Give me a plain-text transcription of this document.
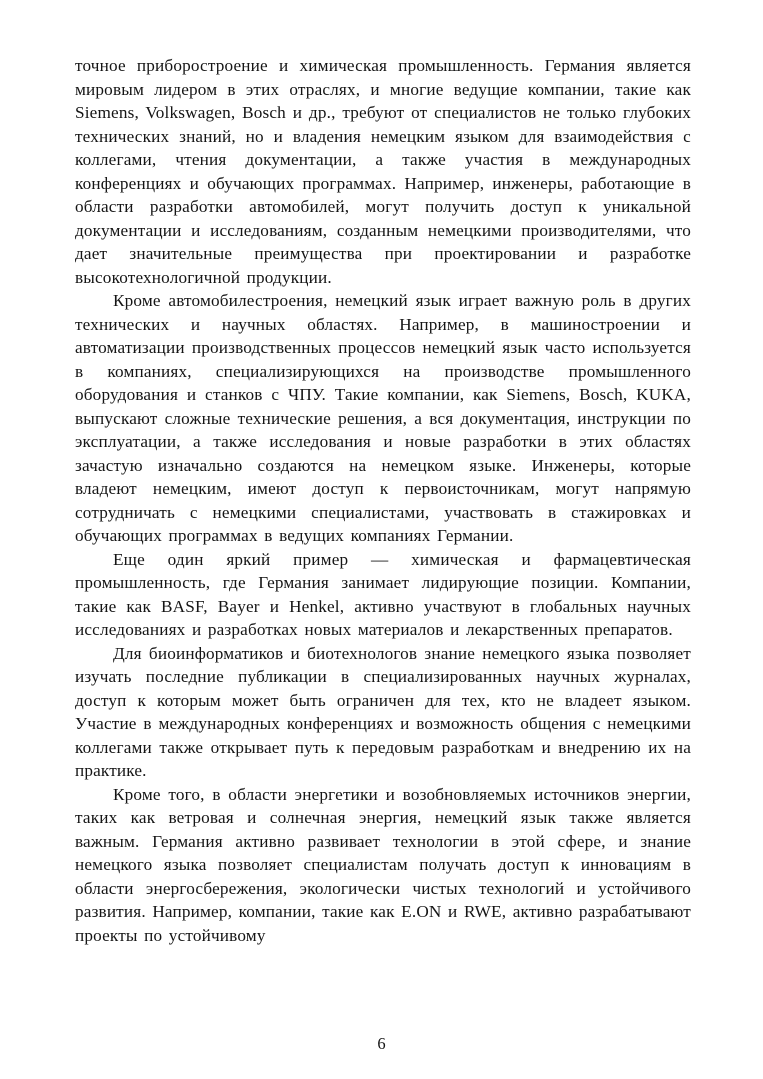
точное приборостроение и химическая промышленность. Германия является мировым лидером в этих отраслях, и многие ведущие компании, такие как Siemens, Volkswagen, Bosch и др., требуют от специалистов не только глубоких технических знаний, но и владения немецким языком для взаимодействия с коллегами, чтения документации, а также участия в международных конференциях и обучающих программах. Например, инженеры, работающие в области разработки автомобилей, могут получить доступ к уникальной документации и исследованиям, созданным немецкими производителями, что дает значительные преимущества при проектировании и разработке высокотехнологичной продукции.

Кроме автомобилестроения, немецкий язык играет важную роль в других технических и научных областях. Например, в машиностроении и автоматизации производственных процессов немецкий язык часто используется в компаниях, специализирующихся на производстве промышленного оборудования и станков с ЧПУ. Такие компании, как Siemens, Bosch, KUKA, выпускают сложные технические решения, а вся документация, инструкции по эксплуатации, а также исследования и новые разработки в этих областях зачастую изначально создаются на немецком языке. Инженеры, которые владеют немецким, имеют доступ к первоисточникам, могут напрямую сотрудничать с немецкими специалистами, участвовать в стажировках и обучающих программах в ведущих компаниях Германии.

Еще один яркий пример — химическая и фармацевтическая промышленность, где Германия занимает лидирующие позиции. Компании, такие как BASF, Bayer и Henkel, активно участвуют в глобальных научных исследованиях и разработках новых материалов и лекарственных препаратов.

Для биоинформатиков и биотехнологов знание немецкого языка позволяет изучать последние публикации в специализированных научных журналах, доступ к которым может быть ограничен для тех, кто не владеет языком. Участие в международных конференциях и возможность общения с немецкими коллегами также открывает путь к передовым разработкам и внедрению их на практике.

Кроме того, в области энергетики и возобновляемых источников энергии, таких как ветровая и солнечная энергия, немецкий язык также является важным. Германия активно развивает технологии в этой сфере, и знание немецкого языка позволяет специалистам получать доступ к инновациям в области энергосбережения, экологически чистых технологий и устойчивого развития. Например, компании, такие как E.ON и RWE, активно разрабатывают проекты по устойчивому

6
